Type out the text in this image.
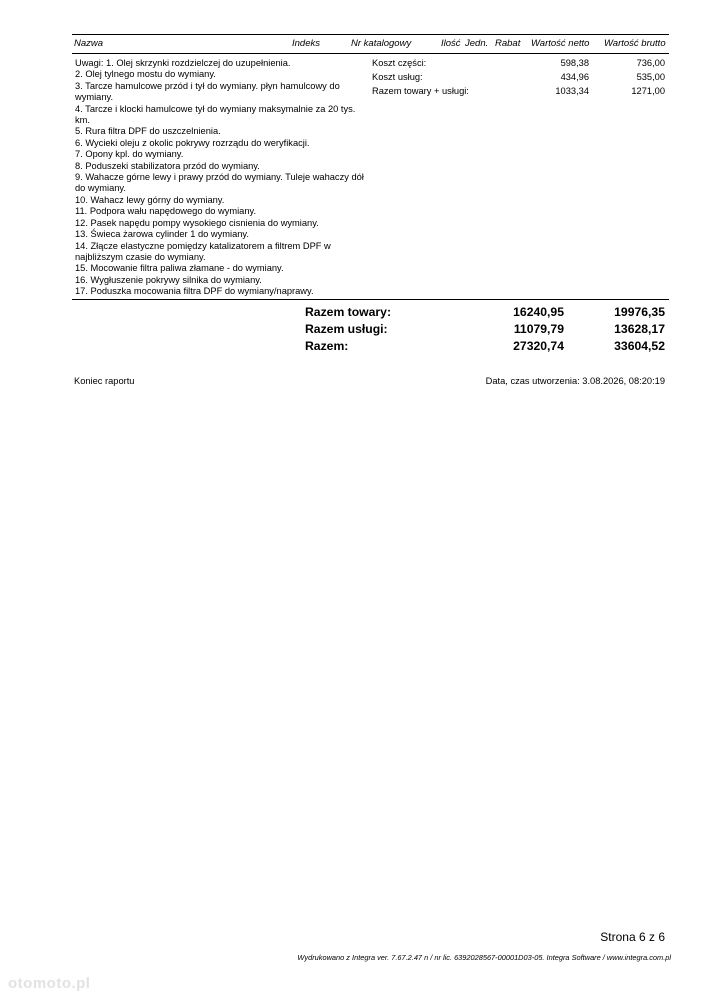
Nazwa	Indeks	Nr katalogowy	Ilość Jedn. Rabat Wartość netto Wartość brutto
Uwagi: 1. Olej skrzynki rozdzielczej do uzupełnienia.
2. Olej tylnego mostu do wymiany.
3. Tarcze hamulcowe przód i tył do wymiany. płyn hamulcowy do wymiany.
4. Tarcze i klocki hamulcowe tył do wymiany maksymalnie za 20 tys. km.
5. Rura filtra DPF do uszczelnienia.
6. Wycieki oleju z okolic pokrywy rozrządu do weryfikacji.
7. Opony kpl. do wymiany.
8. Poduszeki stabilizatora przód do wymiany.
9. Wahacze górne lewy i prawy przód do wymiany. Tuleje wahaczy dół do wymiany.
10. Wahacz lewy górny do wymiany.
11. Podpora wału napędowego do wymiany.
12. Pasek napędu pompy wysokiego cisnienia do wymiany.
13. Świeca żarowa cylinder 1 do wymiany.
14. Złącze elastyczne pomiędzy katalizatorem a filtrem DPF w najbliższym czasie do wymiany.
15. Mocowanie filtra paliwa złamane - do wymiany.
16. Wygłuszenie pokrywy silnika do wymiany.
17. Poduszka mocowania filtra DPF do wymiany/naprawy.
Koszt części:	598,38	736,00
Koszt usług:	434,96	535,00
Razem towary + usługi:	1033,34	1271,00
Razem towary:	16240,95	19976,35
Razem usługi:	11079,79	13628,17
Razem:	27320,74	33604,52
Koniec raportu	Data, czas utworzenia: 3.08.2026, 08:20:19
Strona 6 z 6
Wydrukowano z Integra ver. 7.67.2.47 n / nr lic. 6392028567-00001D03-05. Integra Software / www.integra.com.pl
otomoto.pl
